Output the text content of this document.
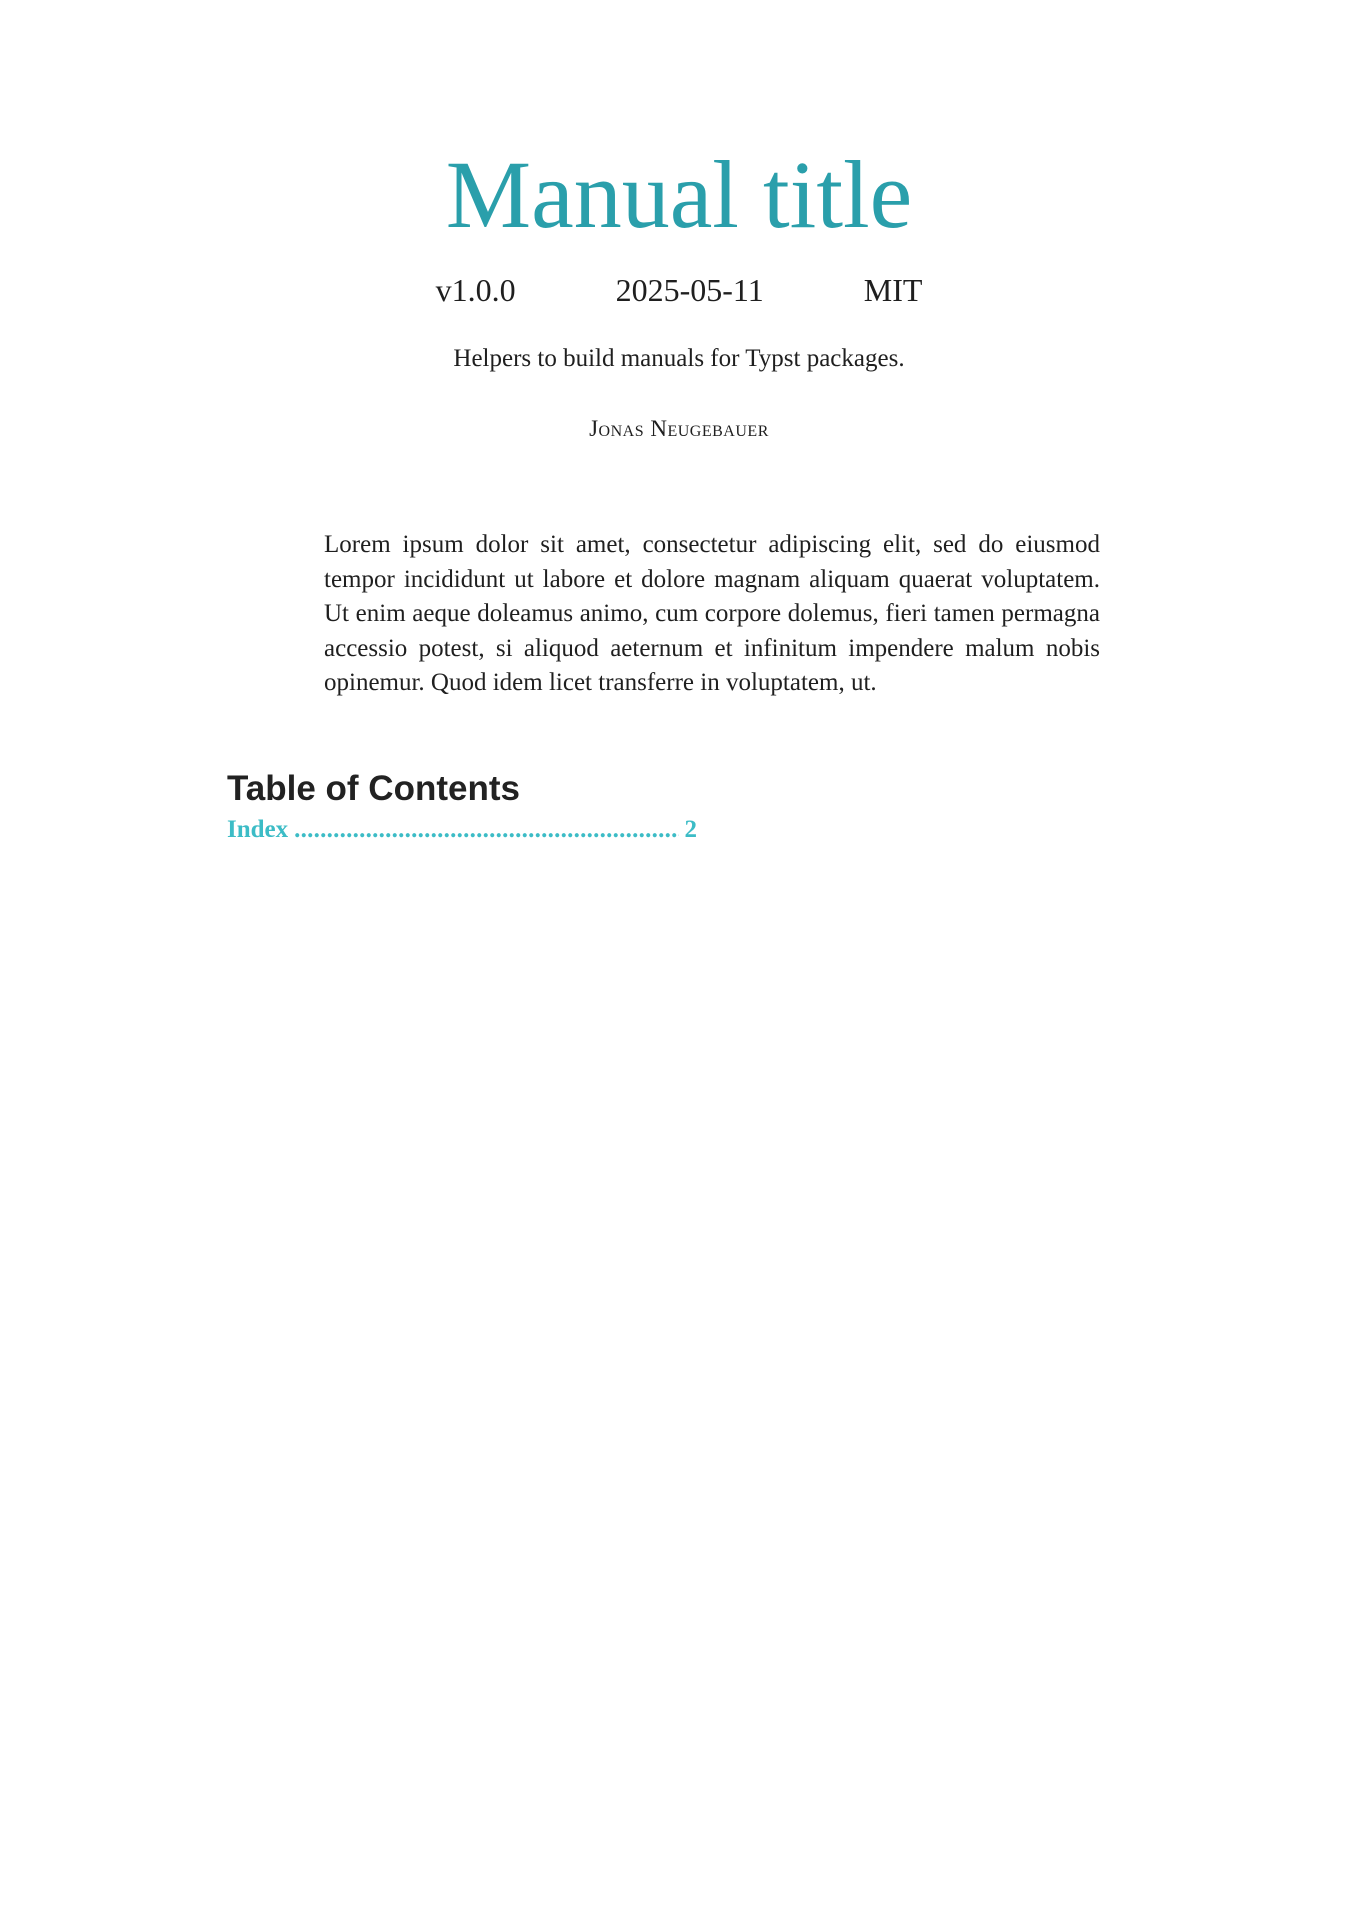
Manual title
v1.0.0	2025-05-11	MIT
Helpers to build manuals for Typst packages.
Jonas Neugebauer

Lorem ipsum dolor sit amet, consectetur adipiscing elit, sed do eiusmod tempor incididunt ut labore et dolore magnam aliquam quaerat voluptatem. Ut enim aeque doleamus animo, cum corpore dolemus, fieri tamen permagna accessio potest, si aliquod aeternum et infinitum impendere malum nobis opinemur. Quod idem licet transferre in voluptatem, ut.

Table of Contents
Index
. . .	2
